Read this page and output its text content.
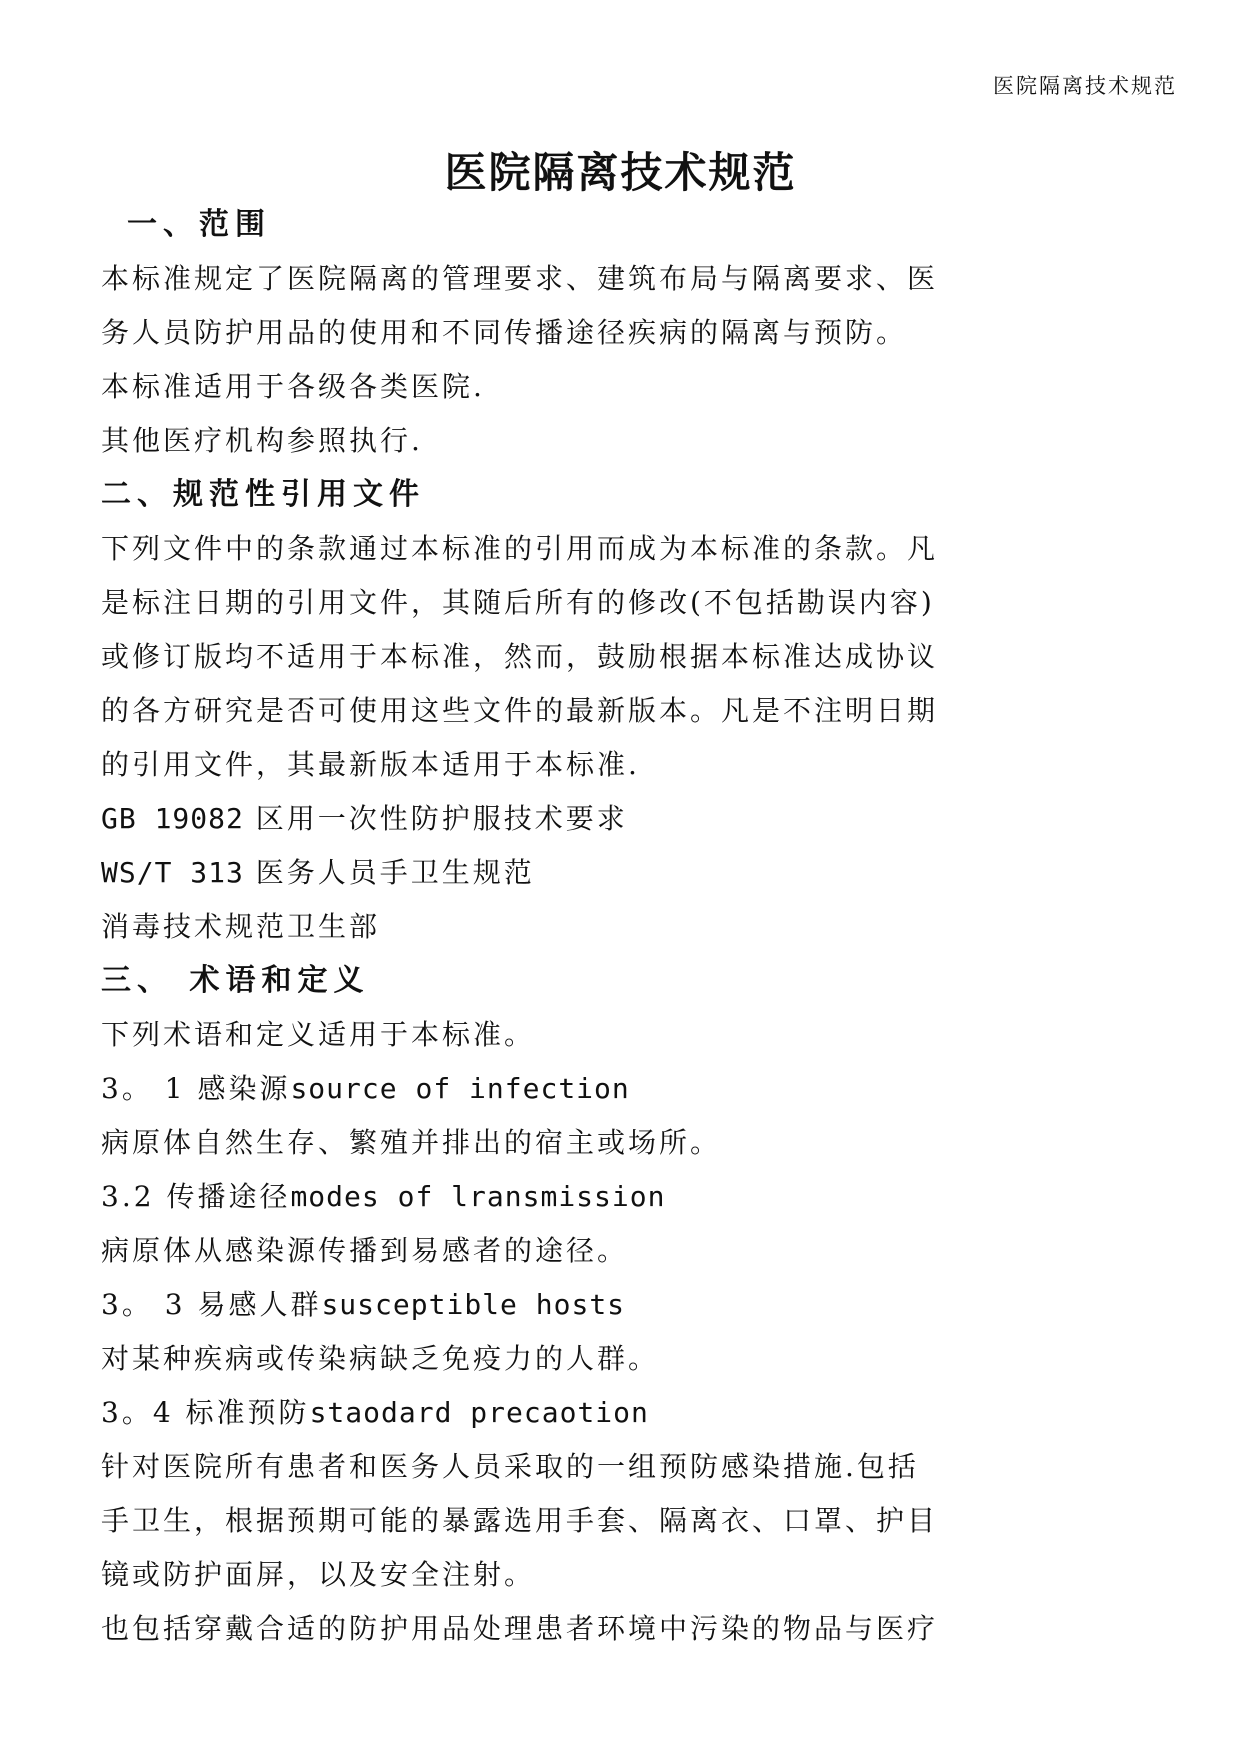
医院隔离技术规范
医院隔离技术规范
一、范围
本标准规定了医院隔离的管理要求、建筑布局与隔离要求、医
务人员防护用品的使用和不同传播途径疾病的隔离与预防。
本标准适用于各级各类医院.
其他医疗机构参照执行.
二、规范性引用文件
下列文件中的条款通过本标准的引用而成为本标准的条款。凡
是标注日期的引用文件，其随后所有的修改(不包括勘误内容)
或修订版均不适用于本标准，然而，鼓励根据本标准达成协议
的各方研究是否可使用这些文件的最新版本。凡是不注明日期
的引用文件，其最新版本适用于本标准.
GB 19082 区用一次性防护服技术要求
WS/T 313 医务人员手卫生规范
消毒技术规范卫生部
三、 术语和定义
下列术语和定义适用于本标准。
3。 1 感染源source of infection
病原体自然生存、繁殖并排出的宿主或场所。
3.2 传播途径modes of lransmission
病原体从感染源传播到易感者的途径。
3。 3 易感人群susceptible hosts
对某种疾病或传染病缺乏免疫力的人群。
3。4 标准预防staodard precaotion
针对医院所有患者和医务人员采取的一组预防感染措施.包括
手卫生，根据预期可能的暴露选用手套、隔离衣、口罩、护目
镜或防护面屏，以及安全注射。
也包括穿戴合适的防护用品处理患者环境中污染的物品与医疗
